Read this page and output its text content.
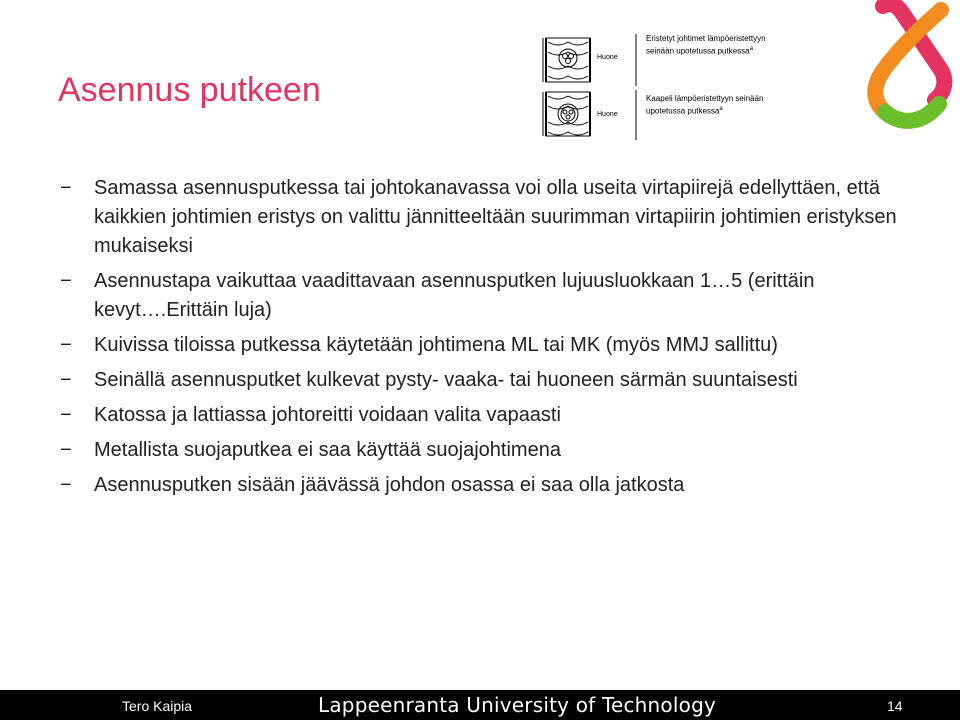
Asennus putkeen
Huone
Huone
Eristetyt johtimet lämpöeristettyyn
seinään upotetussa putkessa$^a$
Kaapeli lämpöeristettyyn seinään
upotetussa putkessa$^a$
− Samassa asennusputkessa tai johtokanavassa voi olla useita virtapiirejä edellyttäen, että kaikkien johtimien eristys on valittu jännitteeltään suurimman virtapiirin johtimien eristyksen mukaiseksi
− Asennustapa vaikuttaa vaadittavaan asennusputken lujuusluokkaan 1…5 (erittäin kevyt….Erittäin luja)
− Kuivissa tiloissa putkessa käytetään johtimena ML tai MK (myös MMJ sallittu)
− Seinällä asennusputket kulkevat pysty- vaaka- tai huoneen särmän suuntaisesti
− Katossa ja lattiassa johtoreitti voidaan valita vapaasti
− Metallista suojaputkea ei saa käyttää suojajohtimena
− Asennusputken sisään jäävässä johdon osassa ei saa olla jatkosta
Tero Kaipia	Lappeenranta University of Technology	14
